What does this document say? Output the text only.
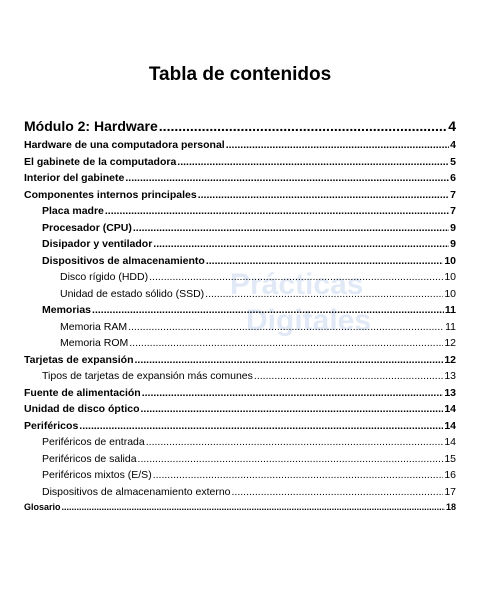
Tabla de contenidos
Prácticas
Digitales
Módulo 2: Hardware .....	4
Hardware de una computadora personal .....	4
El gabinete de la computadora .....	5
Interior del gabinete .....	6
Componentes internos principales .....	7
Placa madre .....	7
Procesador (CPU) .....	9
Disipador y ventilador .....	9
Dispositivos de almacenamiento .....	10
Disco rígido (HDD) .....	10
Unidad de estado sólido (SSD) .....	10
Memorias .....	11
Memoria RAM .....	11
Memoria ROM .....	12
Tarjetas de expansión .....	12
Tipos de tarjetas de expansión más comunes .....	13
Fuente de alimentación .....	13
Unidad de disco óptico .....	14
Periféricos .....	14
Periféricos de entrada .....	14
Periféricos de salida .....	15
Periféricos mixtos (E/S) .....	16
Dispositivos de almacenamiento externo .....	17
Glosario .....	18
